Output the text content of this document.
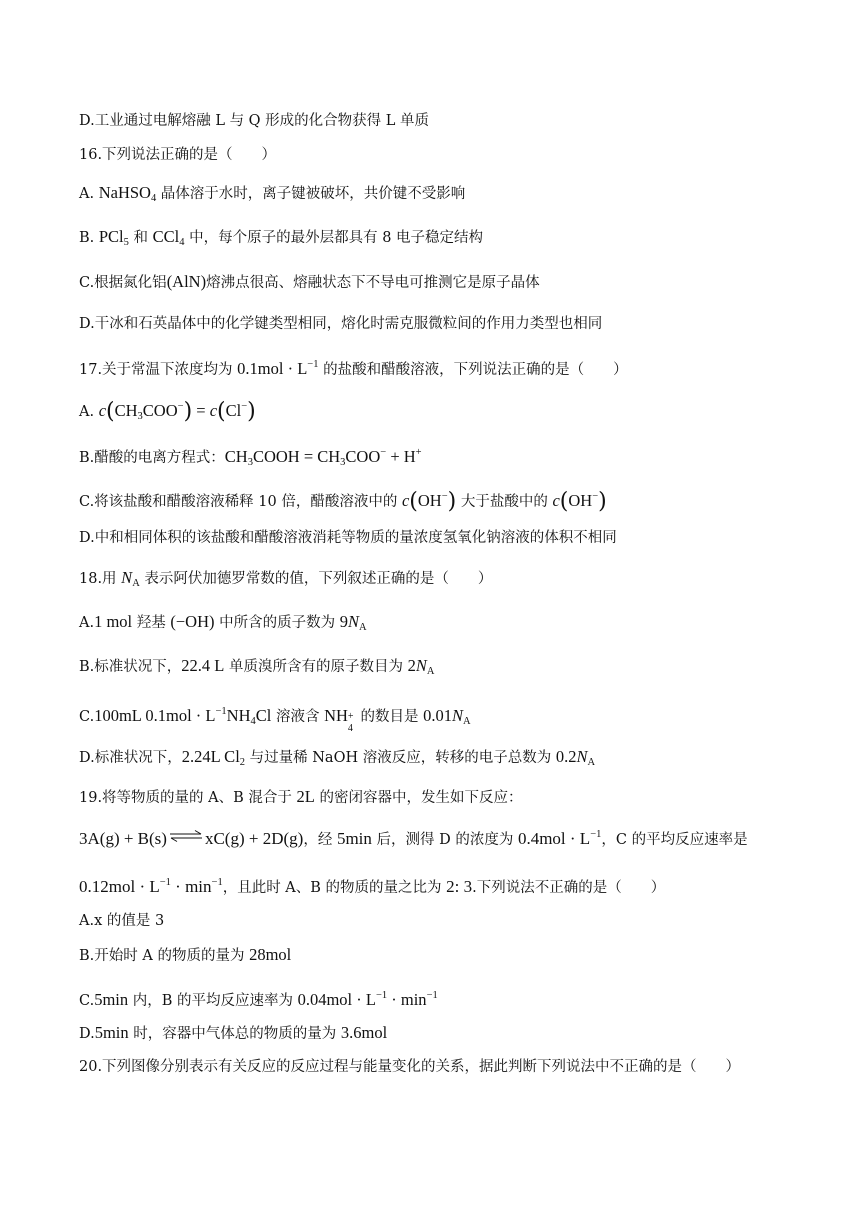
D.工业通过电解熔融 L 与 Q 形成的化合物获得 L 单质
16.下列说法正确的是（　　）
A. NaHSO$_4$ 晶体溶于水时，离子键被破坏，共价键不受影响
B. PCl$_5$ 和 CCl$_4$ 中，每个原子的最外层都具有 8 电子稳定结构
C.根据氮化铝(AlN)熔沸点很高、熔融状态下不导电可推测它是原子晶体
D.干冰和石英晶体中的化学键类型相同，熔化时需克服微粒间的作用力类型也相同
17.关于常温下浓度均为 $0.1mol \cdot L^{-1}$ 的盐酸和醋酸溶液，下列说法正确的是（　　）
A. $c(CH_3COO^-) = c(Cl^-)$
B.醋酸的电离方程式：$CH_3COOH = CH_3COO^- + H^+$
C.将该盐酸和醋酸溶液稀释 10 倍，醋酸溶液中的 c(OH−) 大于盐酸中的 c(OH−)
D.中和相同体积的该盐酸和醋酸溶液消耗等物质的量浓度氢氧化钠溶液的体积不相同
18.用 $N_A$ 表示阿伏加德罗常数的值，下列叙述正确的是（　　）
A.1 mol 羟基 (−OH) 中所含的质子数为 $9N_A$
B.标准状况下，22.4 L 单质溴所含有的原子数目为 $2N_A$
C.100mL $0.1mol \cdot L^{-1}NH_4Cl$ 溶液含 NH +
4
的数目是 $0.01N_A$
D.标准状况下，2.24L $Cl_2$ 与过量稀 NaOH 溶液反应，转移的电子总数为 $0.2N_A$
19.将等物质的量的 A、B 混合于 2L 的密闭容器中，发生如下反应：
3A(g) + B(s) ⇌ xC(g) + 2D(g)，经 5min 后，测得 D 的浓度为 $0.4mol \cdot L^{-1}$，C 的平均反应速率是
$0.12mol \cdot L^{-1} \cdot \min^{-1}$，且此时 A、B 的物质的量之比为 2: 3.下列说法不正确的是（　　）
A.x 的值是 3
B.开始时 A 的物质的量为 28mol
C.5min 内，B 的平均反应速率为 $0.04mol \cdot L^{-1} \cdot \min^{-1}$
D.5min 时，容器中气体总的物质的量为 3.6mol
20.下列图像分别表示有关反应的反应过程与能量变化的关系，据此判断下列说法中不正确的是（　　）
